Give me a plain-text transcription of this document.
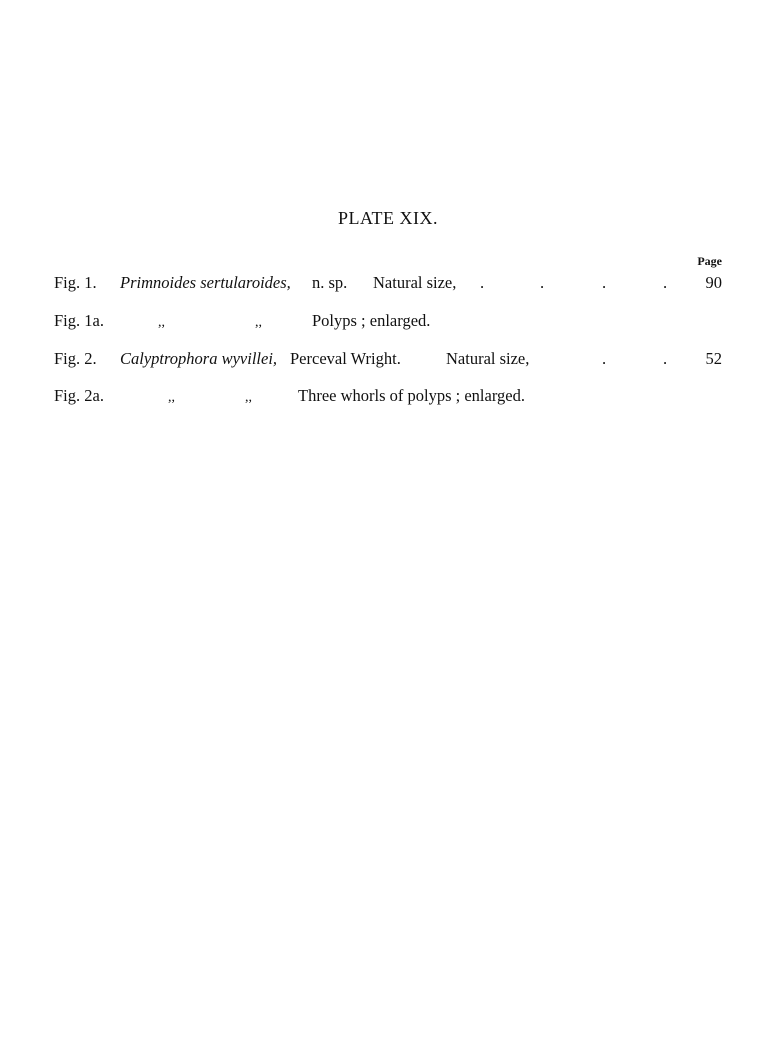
PLATE XIX.
Page
Fig. 1. Primnoides sertularoides, n. sp. Natural size, .	.	.	.	90
Fig. 1a.	,,	,,	Polyps ; enlarged.
Fig. 2. Calyptrophora wyvillei, Perceval Wright.	Natural size,	.	.	52
Fig. 2a.	,,	,,	Three whorls of polyps ; enlarged.
